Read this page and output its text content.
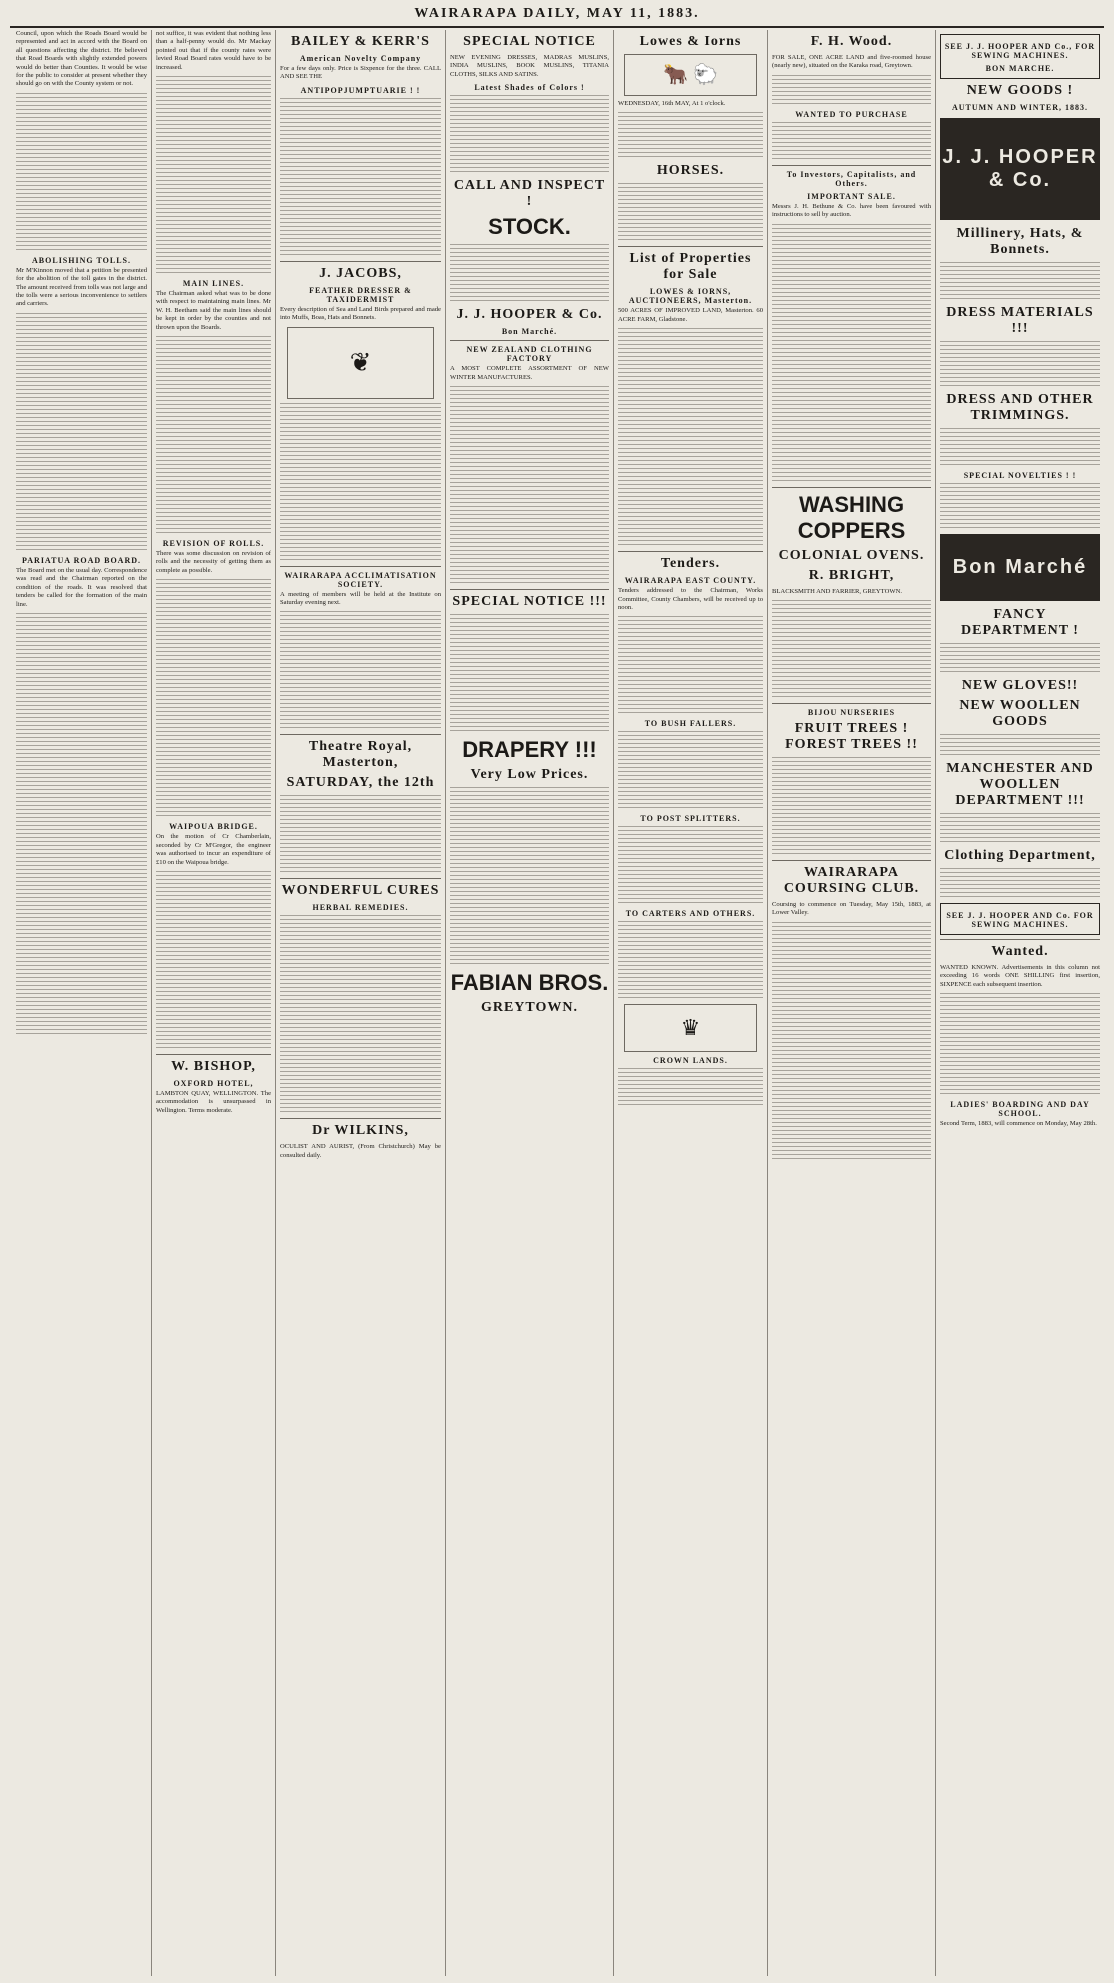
WAIRARAPA DAILY, MAY 11, 1883.

Council, upon which the Roads Board would be represented and act in accord with the Board on all questions affecting the district. He believed that Road Boards with slightly extended powers would do better than Counties. It would be wise for the public to consider at present whether they should go on with the County system or not.

ABOLISHING TOLLS.

Mr M'Kinnon moved that a petition be presented for the abolition of the toll gates in the district. The amount received from tolls was not large and the tolls were a serious inconvenience to settlers and carriers.

PARIATUA ROAD BOARD.

The Board met on the usual day. Correspondence was read and the Chairman reported on the condition of the roads. It was resolved that tenders be called for the formation of the main line.

not suffice, it was evident that nothing less than a half-penny would do. Mr Mackay pointed out that if the county rates were levied Road Board rates would have to be increased.

MAIN LINES.

The Chairman asked what was to be done with respect to maintaining main lines. Mr W. H. Beetham said the main lines should be kept in order by the counties and not thrown upon the Boards.

REVISION OF ROLLS.

There was some discussion on revision of rolls and the necessity of getting them as complete as possible.

WAIPOUA BRIDGE.

On the motion of Cr Chamberlain, seconded by Cr M'Gregor, the engineer was authorised to incur an expenditure of £10 on the Waipoua bridge.

W. BISHOP,
OXFORD HOTEL,

LAMBTON QUAY, WELLINGTON. The accommodation is unsurpassed in Wellington. Terms moderate.

BAILEY & KERR'S
American Novelty Company

For a few days only. Price is Sixpence for the three. CALL AND SEE THE

ANTIPOPJUMPTUARIE ! !
J. JACOBS,
FEATHER DRESSER & TAXIDERMIST

Every description of Sea and Land Birds prepared and made into Muffs, Boas, Hats and Bonnets.

❦
WAIRARAPA ACCLIMATISATION SOCIETY.

A meeting of members will be held at the Institute on Saturday evening next.

Theatre Royal, Masterton,
SATURDAY, the 12th
WONDERFUL CURES
HERBAL REMEDIES.
Dr WILKINS,

OCULIST AND AURIST, (From Christchurch) May be consulted daily.

SPECIAL NOTICE

NEW EVENING DRESSES, MADRAS MUSLINS, INDIA MUSLINS, BOOK MUSLINS, TITANIA CLOTHS, SILKS AND SATINS.

Latest Shades of Colors !
CALL AND INSPECT !
STOCK.
J. J. HOOPER & Co.
Bon Marché.
NEW ZEALAND CLOTHING FACTORY

A MOST COMPLETE ASSORTMENT OF NEW WINTER MANUFACTURES.

SPECIAL NOTICE !!!
DRAPERY !!!
Very Low Prices.
FABIAN BROS.
GREYTOWN.
Lowes & Iorns
🐂 🐑

WEDNESDAY, 16th MAY, At 1 o'clock.

HORSES.
List of Properties for Sale
LOWES & IORNS, AUCTIONEERS, Masterton.

500 ACRES OF IMPROVED LAND, Masterton. 60 ACRE FARM, Gladstone.

Tenders.
WAIRARAPA EAST COUNTY.

Tenders addressed to the Chairman, Works Committee, County Chambers, will be received up to noon.

TO BUSH FALLERS.
TO POST SPLITTERS.
TO CARTERS AND OTHERS.
♛
CROWN LANDS.
F. H. Wood.

FOR SALE, ONE ACRE LAND and five-roomed house (nearly new), situated on the Karaka road, Greytown.

WANTED TO PURCHASE
To Investors, Capitalists, and Others.
IMPORTANT SALE.

Messrs J. H. Bethune & Co. have been favoured with instructions to sell by auction.

WASHING COPPERS
COLONIAL OVENS.
R. BRIGHT,

BLACKSMITH AND FARRIER, GREYTOWN.

BIJOU NURSERIES
FRUIT TREES ! FOREST TREES !!
WAIRARAPA COURSING CLUB.

Coursing to commence on Tuesday, May 15th, 1883, at Lower Valley.

SEE J. J. HOOPER AND Co., FOR SEWING MACHINES.
BON MARCHE.
NEW GOODS !
AUTUMN AND WINTER, 1883.
J. J. HOOPER & Co.
Millinery, Hats, & Bonnets.
DRESS MATERIALS !!!
DRESS AND OTHER TRIMMINGS.
SPECIAL NOVELTIES ! !
Bon Marché
FANCY DEPARTMENT !
NEW GLOVES!!
NEW WOOLLEN GOODS
MANCHESTER AND WOOLLEN DEPARTMENT !!!
Clothing Department,
SEE J. J. HOOPER AND Co. FOR SEWING MACHINES.
Wanted.

WANTED KNOWN. Advertisements in this column not exceeding 16 words ONE SHILLING first insertion, SIXPENCE each subsequent insertion.

LADIES' BOARDING AND DAY SCHOOL.

Second Term, 1883, will commence on Monday, May 28th.
